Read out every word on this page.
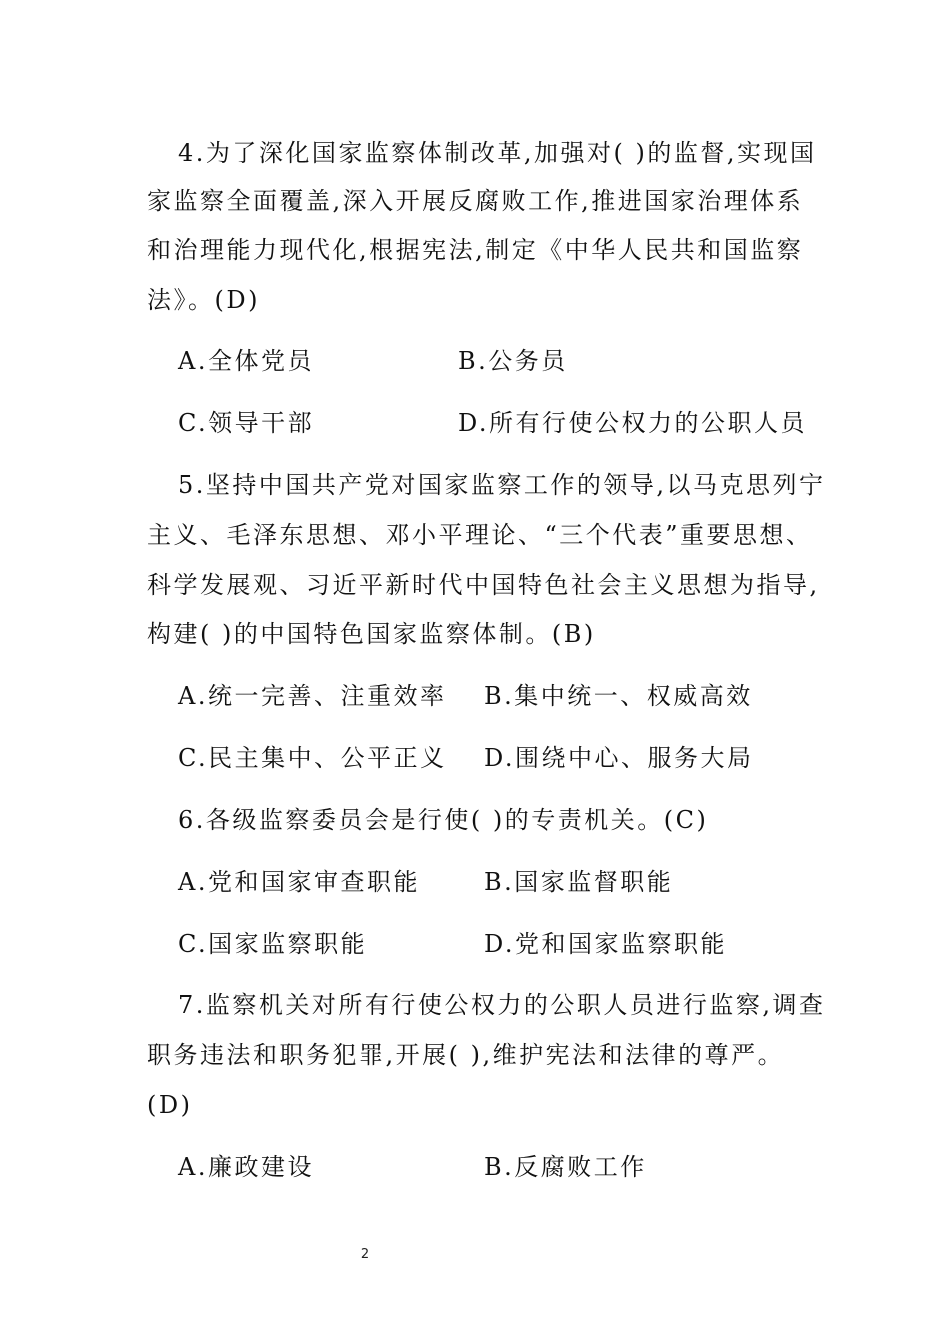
4.为了深化国家监察体制改革,加强对( )的监督,实现国
家监察全面覆盖,深入开展反腐败工作,推进国家治理体系
和治理能力现代化,根据宪法,制定《中华人民共和国监察
法》。(D)
A.全体党员	B.公务员
C.领导干部	D.所有行使公权力的公职人员
5.坚持中国共产党对国家监察工作的领导,以马克思列宁
主义、毛泽东思想、邓小平理论、“三个代表”重要思想、
科学发展观、习近平新时代中国特色社会主义思想为指导,
构建( )的中国特色国家监察体制。(B)
A.统一完善、注重效率 B.集中统一、权威高效
C.民主集中、公平正义 D.围绕中心、服务大局
6.各级监察委员会是行使( )的专责机关。(C)
A.党和国家审查职能	B.国家监督职能
C.国家监察职能	D.党和国家监察职能
7.监察机关对所有行使公权力的公职人员进行监察,调查
职务违法和职务犯罪,开展( ),维护宪法和法律的尊严。
(D)
A.廉政建设	B.反腐败工作
2
